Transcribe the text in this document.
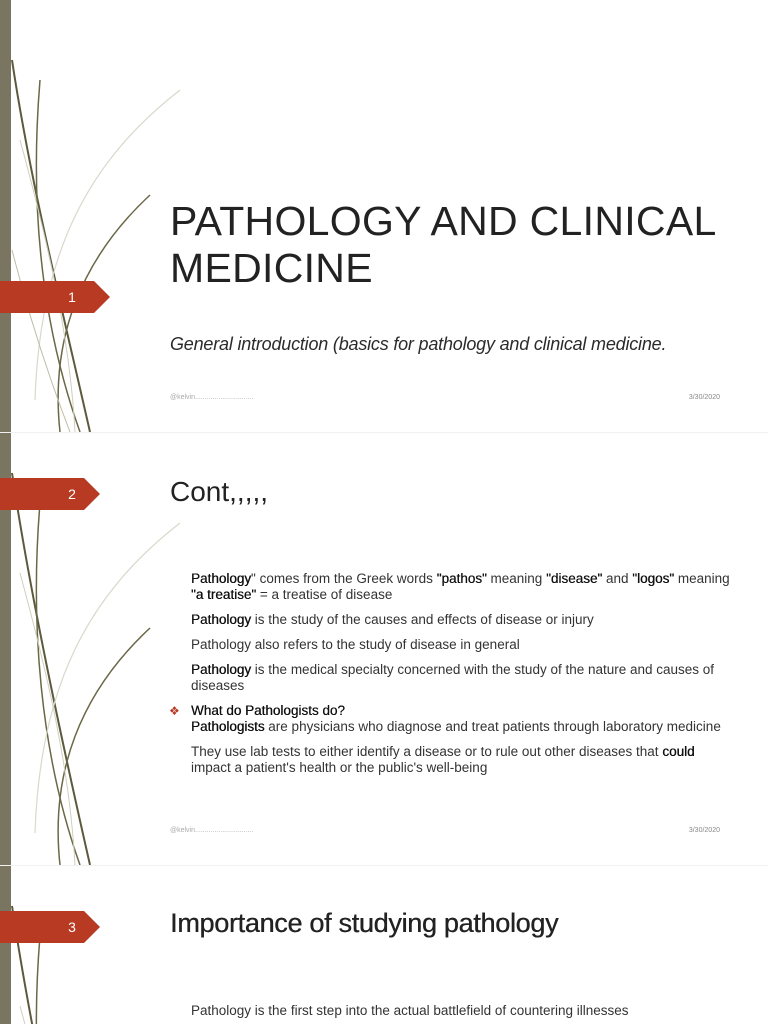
1
PATHOLOGY AND CLINICAL
MEDICINE

General introduction (basics for pathology and clinical medicine.

@kelvin..............................	3/30/2020
2	Cont,,,,,
Pathology" comes from the Greek words "pathos" meaning "disease" and "logos" meaning "a treatise" = a treatise of disease
Pathology is the study of the causes and effects of disease or injury
Pathology also refers to the study of disease in general
Pathology is the medical specialty concerned with the study of the nature and causes of diseases
❖ What do Pathologists do?
Pathologists are physicians who diagnose and treat patients through laboratory medicine
They use lab tests to either identify a disease or to rule out other diseases that could impact a patient's health or the public's well-being
@kelvin..............................	3/30/2020
3	Importance of studying pathology
Pathology is the first step into the actual battlefield of countering illnesses
